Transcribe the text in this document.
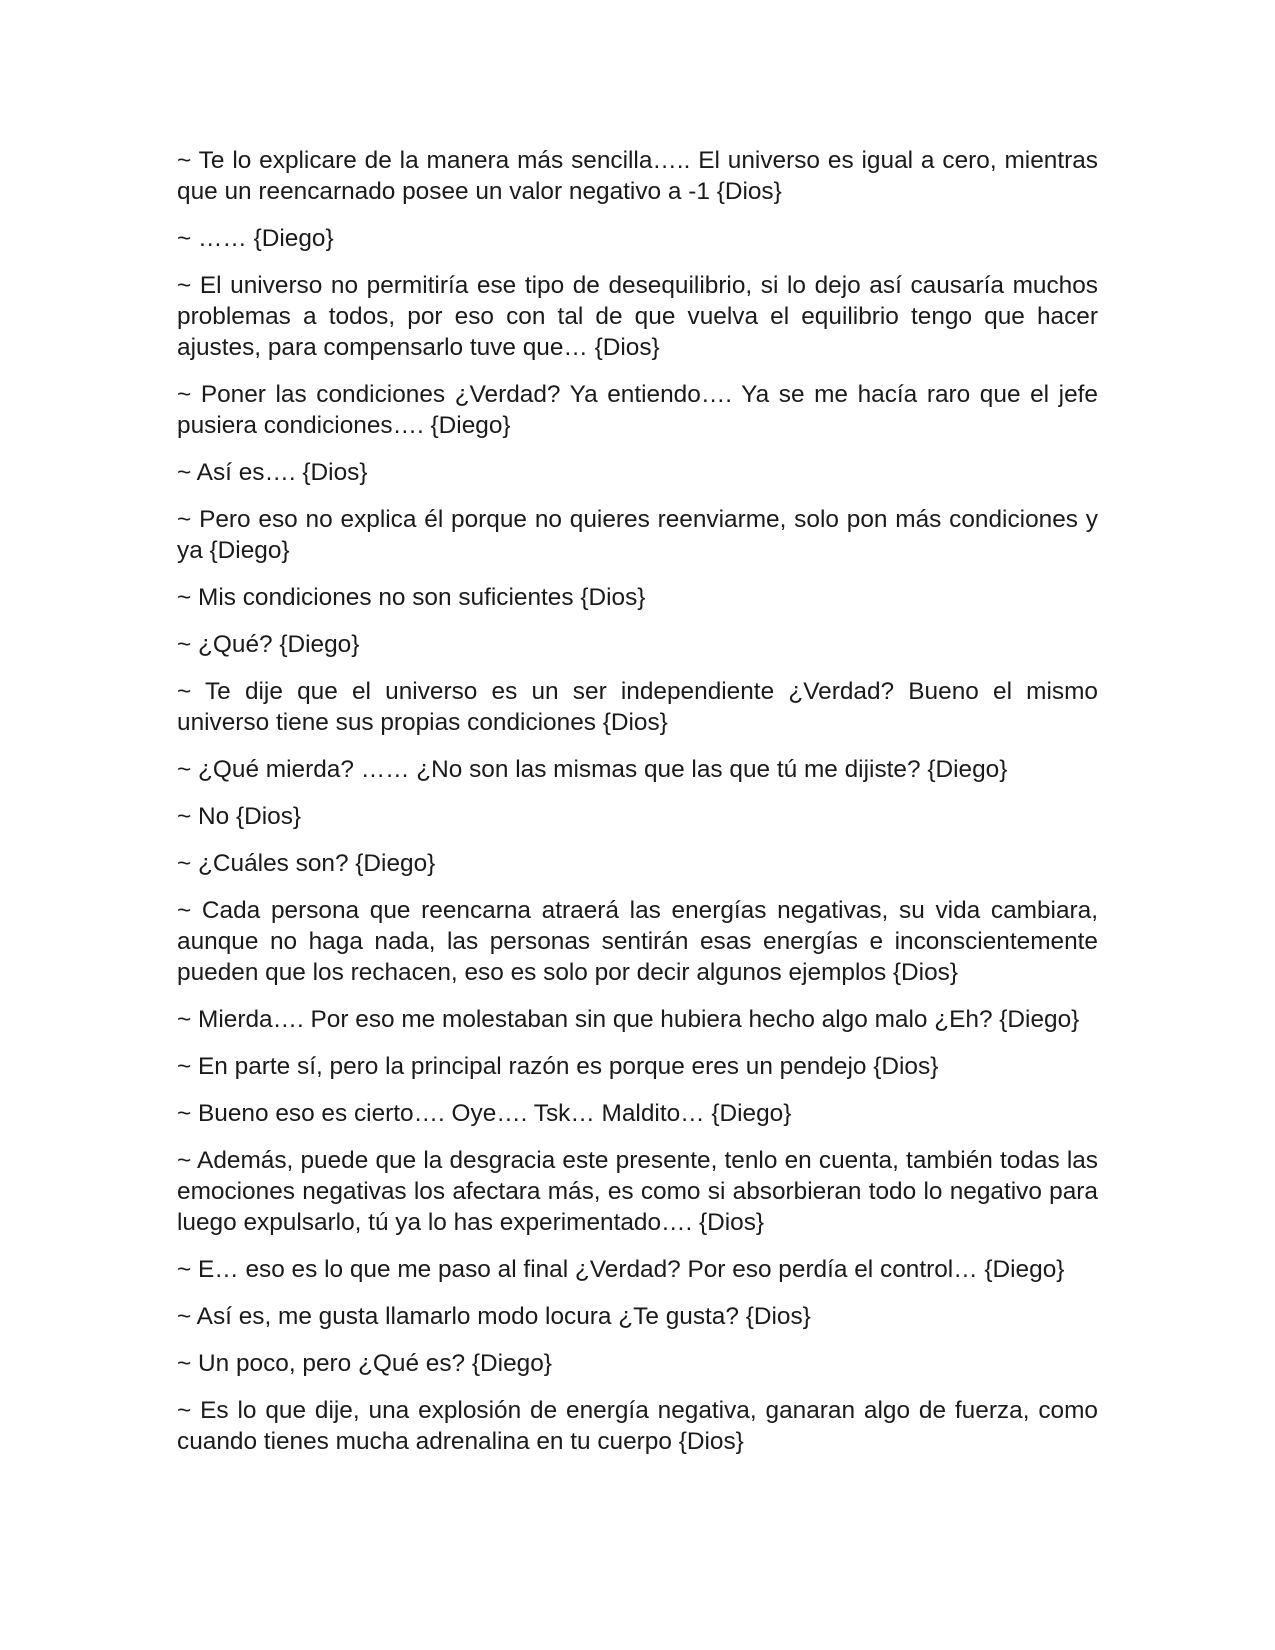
~ Te lo explicare de la manera más sencilla….. El universo es igual a cero, mientras que un reencarnado posee un valor negativo a -1 {Dios}

~ …… {Diego}

~ El universo no permitiría ese tipo de desequilibrio, si lo dejo así causaría muchos problemas a todos, por eso con tal de que vuelva el equilibrio tengo que hacer ajustes, para compensarlo tuve que… {Dios}

~ Poner las condiciones ¿Verdad? Ya entiendo…. Ya se me hacía raro que el jefe pusiera condiciones…. {Diego}

~ Así es…. {Dios}

~ Pero eso no explica él porque no quieres reenviarme, solo pon más condiciones y ya {Diego}

~ Mis condiciones no son suficientes {Dios}

~ ¿Qué? {Diego}

~ Te dije que el universo es un ser independiente ¿Verdad? Bueno el mismo universo tiene sus propias condiciones {Dios}

~ ¿Qué mierda? …… ¿No son las mismas que las que tú me dijiste? {Diego}

~ No {Dios}

~ ¿Cuáles son? {Diego}

~ Cada persona que reencarna atraerá las energías negativas, su vida cambiara, aunque no haga nada, las personas sentirán esas energías e inconscientemente pueden que los rechacen, eso es solo por decir algunos ejemplos {Dios}

~ Mierda…. Por eso me molestaban sin que hubiera hecho algo malo ¿Eh? {Diego}

~ En parte sí, pero la principal razón es porque eres un pendejo {Dios}

~ Bueno eso es cierto…. Oye…. Tsk… Maldito… {Diego}

~ Además, puede que la desgracia este presente, tenlo en cuenta, también todas las emociones negativas los afectara más, es como si absorbieran todo lo negativo para luego expulsarlo, tú ya lo has experimentado…. {Dios}

~ E… eso es lo que me paso al final ¿Verdad? Por eso perdía el control… {Diego}

~ Así es, me gusta llamarlo modo locura ¿Te gusta? {Dios}

~ Un poco, pero ¿Qué es? {Diego}

~ Es lo que dije, una explosión de energía negativa, ganaran algo de fuerza, como cuando tienes mucha adrenalina en tu cuerpo {Dios}
